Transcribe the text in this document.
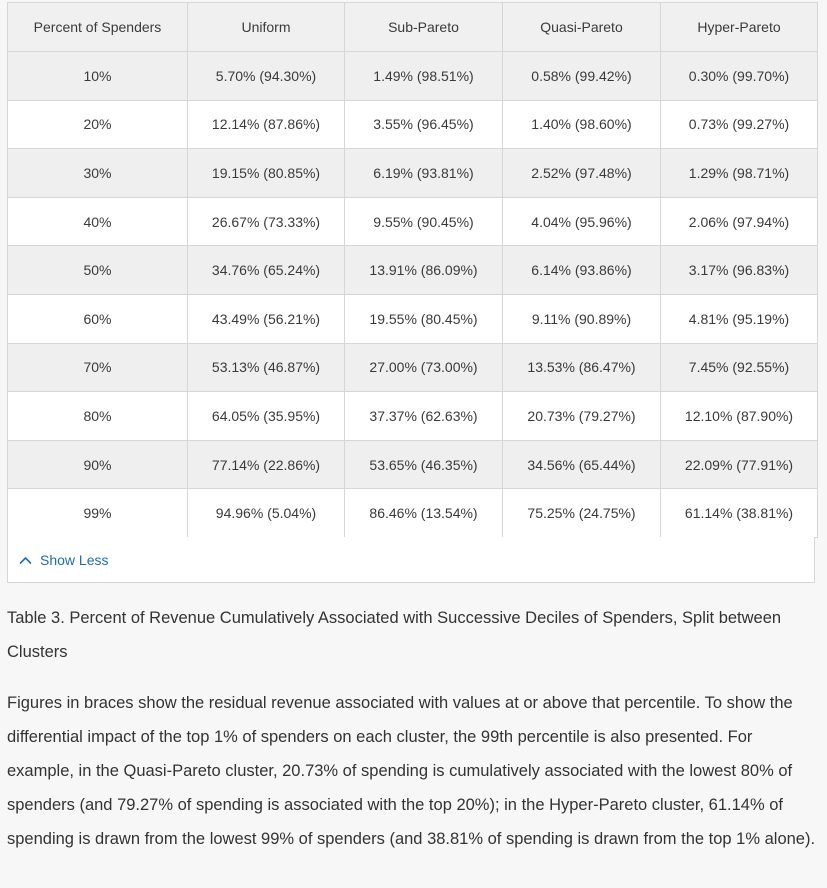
Percent of Spenders	Uniform	Sub-Pareto	Quasi-Pareto	Hyper-Pareto
10%	5.70% (94.30%)	1.49% (98.51%)	0.58% (99.42%)	0.30% (99.70%)
20%	12.14% (87.86%)	3.55% (96.45%)	1.40% (98.60%)	0.73% (99.27%)
30%	19.15% (80.85%)	6.19% (93.81%)	2.52% (97.48%)	1.29% (98.71%)
40%	26.67% (73.33%)	9.55% (90.45%)	4.04% (95.96%)	2.06% (97.94%)
50%	34.76% (65.24%)	13.91% (86.09%)	6.14% (93.86%)	3.17% (96.83%)
60%	43.49% (56.21%)	19.55% (80.45%)	9.11% (90.89%)	4.81% (95.19%)
70%	53.13% (46.87%)	27.00% (73.00%)	13.53% (86.47%)	7.45% (92.55%)
80%	64.05% (35.95%)	37.37% (62.63%)	20.73% (79.27%)	12.10% (87.90%)
90%	77.14% (22.86%)	53.65% (46.35%)	34.56% (65.44%)	22.09% (77.91%)
99%	94.96% (5.04%)	86.46% (13.54%)	75.25% (24.75%)	61.14% (38.81%)
Show Less

Table 3. Percent of Revenue Cumulatively Associated with Successive Deciles of Spenders, Split between Clusters

Figures in braces show the residual revenue associated with values at or above that percentile. To show the differential impact of the top 1% of spenders on each cluster, the 99th percentile is also presented. For example, in the Quasi-Pareto cluster, 20.73% of spending is cumulatively associated with the lowest 80% of spenders (and 79.27% of spending is associated with the top 20%); in the Hyper-Pareto cluster, 61.14% of spending is drawn from the lowest 99% of spenders (and 38.81% of spending is drawn from the top 1% alone).
